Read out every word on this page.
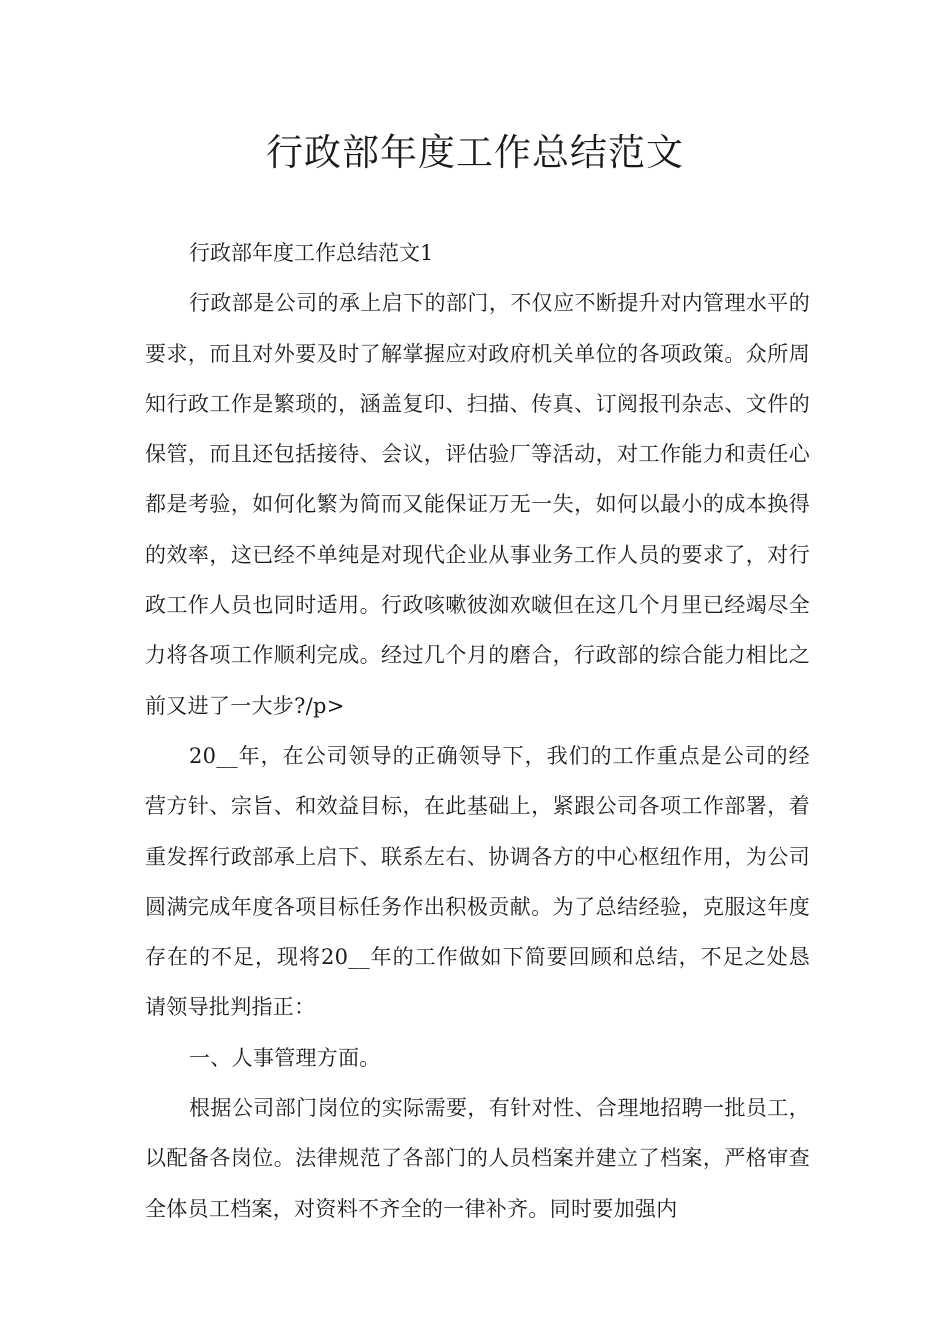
行政部年度工作总结范文

行政部年度工作总结范文1

行政部是公司的承上启下的部门，不仅应不断提升对内管理水平的要求，而且对外要及时了解掌握应对政府机关单位的各项政策。众所周知行政工作是繁琐的，涵盖复印、扫描、传真、订阅报刊杂志、文件的保管，而且还包括接待、会议，评估验厂等活动，对工作能力和责任心都是考验，如何化繁为简而又能保证万无一失，如何以最小的成本换得的效率，这已经不单纯是对现代企业从事业务工作人员的要求了，对行政工作人员也同时适用。行政咳嗽彼洳欢啵但在这几个月里已经竭尽全力将各项工作顺利完成。经过几个月的磨合，行政部的综合能力相比之前又进了一大步?/p>

20__年，在公司领导的正确领导下，我们的工作重点是公司的经营方针、宗旨、和效益目标，在此基础上，紧跟公司各项工作部署，着重发挥行政部承上启下、联系左右、协调各方的中心枢纽作用，为公司圆满完成年度各项目标任务作出积极贡献。为了总结经验，克服这年度存在的不足，现将20__年的工作做如下简要回顾和总结，不足之处恳请领导批判指正：

一、人事管理方面。

根据公司部门岗位的实际需要，有针对性、合理地招聘一批员工，以配备各岗位。法律规范了各部门的人员档案并建立了档案，严格审查全体员工档案，对资料不齐全的一律补齐。同时要加强内
